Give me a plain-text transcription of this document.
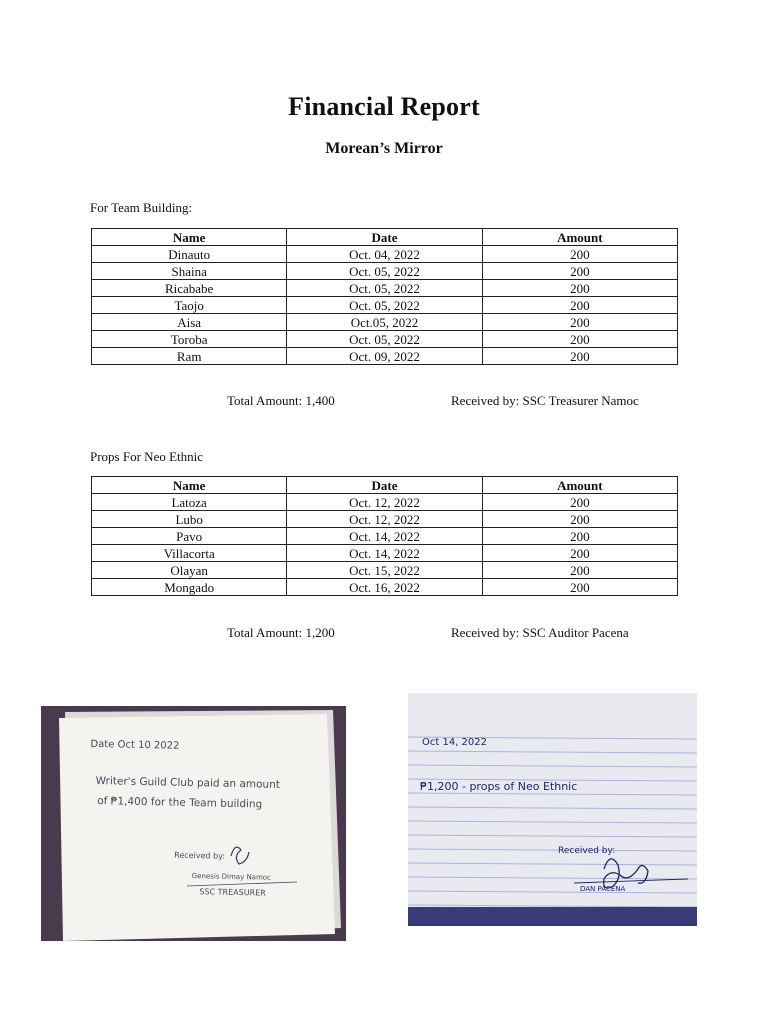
Financial Report
Morean’s Mirror
For Team Building:
Name	Date	Amount
Dinauto	Oct. 04, 2022	200
Shaina	Oct. 05, 2022	200
Ricababe	Oct. 05, 2022	200
Taojo	Oct. 05, 2022	200
Aisa	Oct.05, 2022	200
Toroba	Oct. 05, 2022	200
Ram	Oct. 09, 2022	200
Total Amount: 1,400	Received by: SSC Treasurer Namoc
Props For Neo Ethnic
Name	Date	Amount
Latoza	Oct. 12, 2022	200
Lubo	Oct. 12, 2022	200
Pavo	Oct. 14, 2022	200
Villacorta	Oct. 14, 2022	200
Olayan	Oct. 15, 2022	200
Mongado	Oct. 16, 2022	200
Total Amount: 1,200	Received by: SSC Auditor Pacena
Date Oct 10 2022
Writer's Guild Club paid an amount
of ₱1,400 for the Team building
Received by:
Genesis Dimay Namoc
SSC TREASURER
Oct 14, 2022
₱1,200 - props of Neo Ethnic
Received by:
DAN PACENA
